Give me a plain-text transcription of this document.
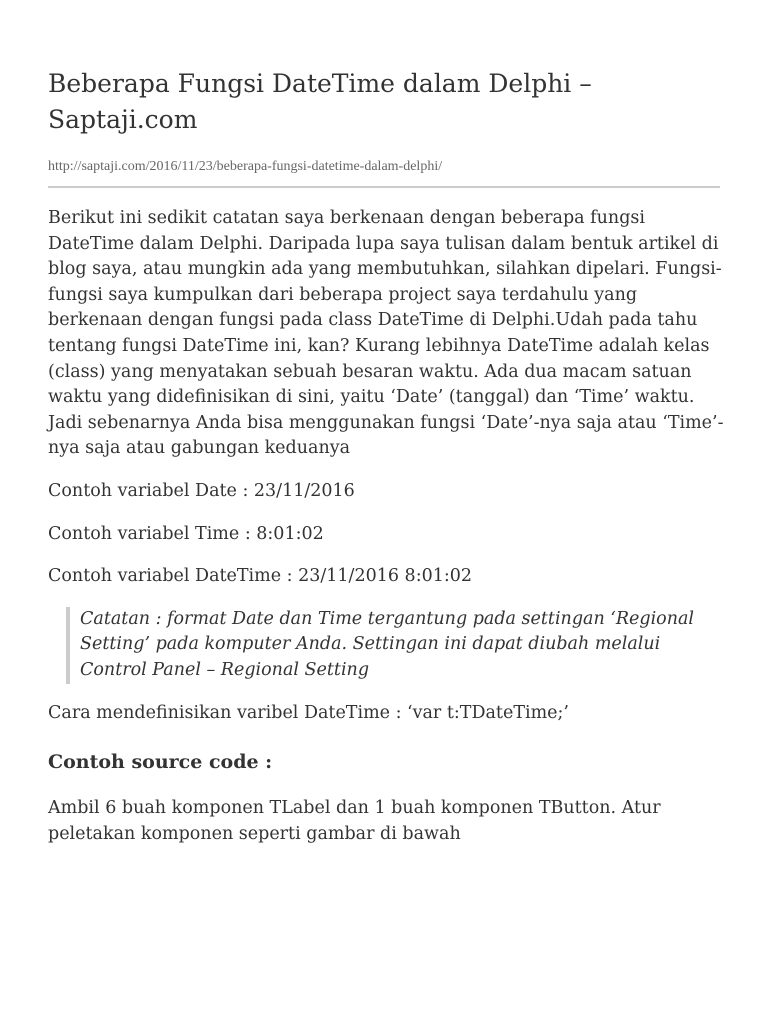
Beberapa Fungsi DateTime dalam Delphi – Saptaji.com
http://saptaji.com/2016/11/23/beberapa-fungsi-datetime-dalam-delphi/

Berikut ini sedikit catatan saya berkenaan dengan beberapa fungsi DateTime dalam Delphi. Daripada lupa saya tulisan dalam bentuk artikel di blog saya, atau mungkin ada yang membutuhkan, silahkan dipelari. Fungsi-fungsi saya kumpulkan dari beberapa project saya terdahulu yang berkenaan dengan fungsi pada class DateTime di Delphi.Udah pada tahu tentang fungsi DateTime ini, kan? Kurang lebihnya DateTime adalah kelas (class) yang menyatakan sebuah besaran waktu. Ada dua macam satuan waktu yang didefinisikan di sini, yaitu ‘Date’ (tanggal) dan ‘Time’ waktu. Jadi sebenarnya Anda bisa menggunakan fungsi ‘Date’-nya saja atau ‘Time’-nya saja atau gabungan keduanya

Contoh variabel Date : 23/11/2016

Contoh variabel Time : 8:01:02

Contoh variabel DateTime : 23/11/2016 8:01:02

Catatan : format Date dan Time tergantung pada settingan ‘Regional Setting’ pada komputer Anda. Settingan ini dapat diubah melalui Control Panel – Regional Setting

Cara mendefinisikan varibel DateTime : ‘var t:TDateTime;’

Contoh source code :

Ambil 6 buah komponen TLabel dan 1 buah komponen TButton. Atur peletakan komponen seperti gambar di bawah
